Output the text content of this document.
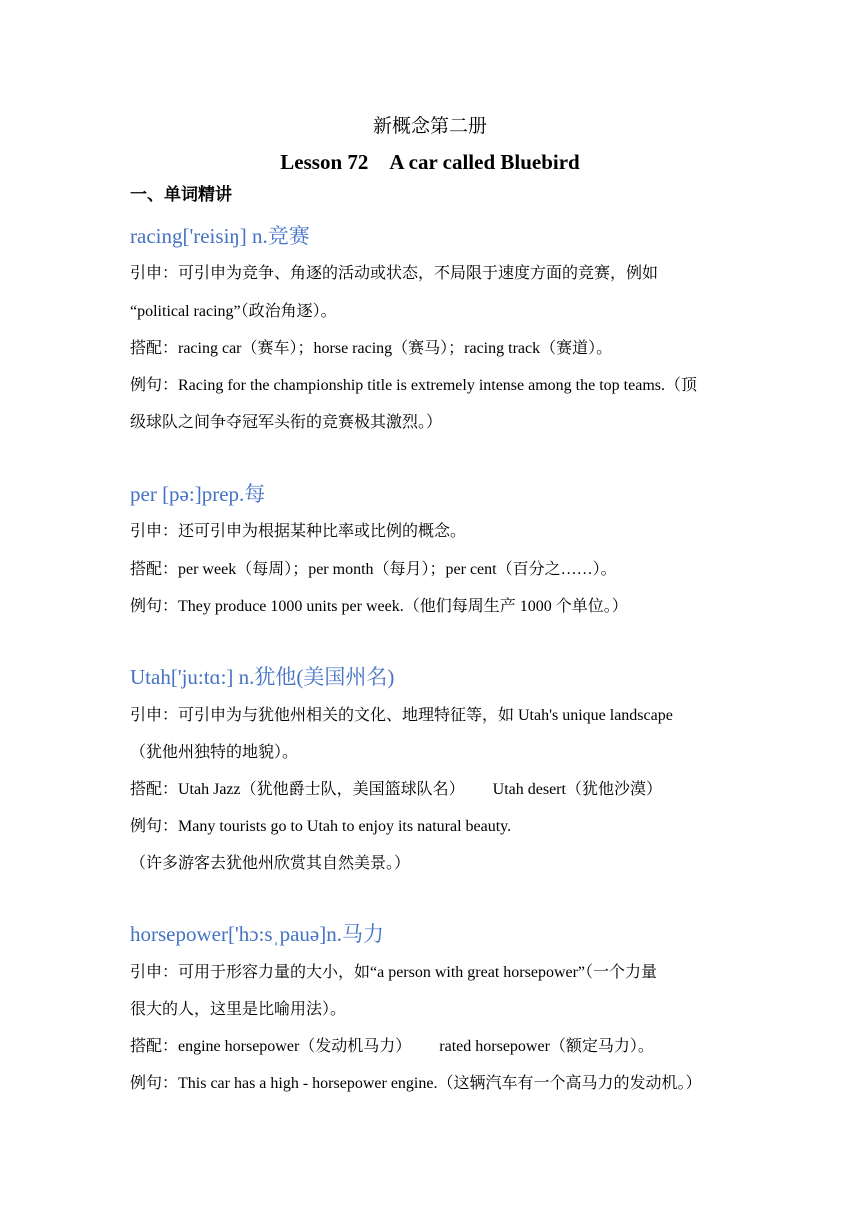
新概念第二册
Lesson 72　A car called Bluebird
一、单词精讲
racing['reisiŋ] n.竞赛
引申：可引申为竞争、角逐的活动或状态，不局限于速度方面的竞赛，例如
“political racing”（政治角逐）。
搭配：racing car（赛车）；horse racing（赛马）；racing track（赛道）。
例句：Racing for the championship title is extremely intense among the top teams.（顶
级球队之间争夺冠军头衔的竞赛极其激烈。）
per [pə:]prep.每
引申：还可引申为根据某种比率或比例的概念。
搭配：per week（每周）；per month（每月）；per cent（百分之……）。
例句：They produce 1000 units per week.（他们每周生产 1000 个单位。）
Utah['ju:tɑ:] n.犹他(美国州名)
引申：可引申为与犹他州相关的文化、地理特征等，如 Utah's unique landscape
（犹他州独特的地貌）。
搭配：Utah Jazz（犹他爵士队，美国篮球队名） Utah desert（犹他沙漠）
例句：Many tourists go to Utah to enjoy its natural beauty.
（许多游客去犹他州欣赏其自然美景。）
horsepower['hɔ:sˌpauə]n.马力
引申：可用于形容力量的大小，如“a person with great horsepower”（一个力量
很大的人，这里是比喻用法）。
搭配：engine horsepower（发动机马力） rated horsepower（额定马力）。
例句：This car has a high - horsepower engine.（这辆汽车有一个高马力的发动机。）
